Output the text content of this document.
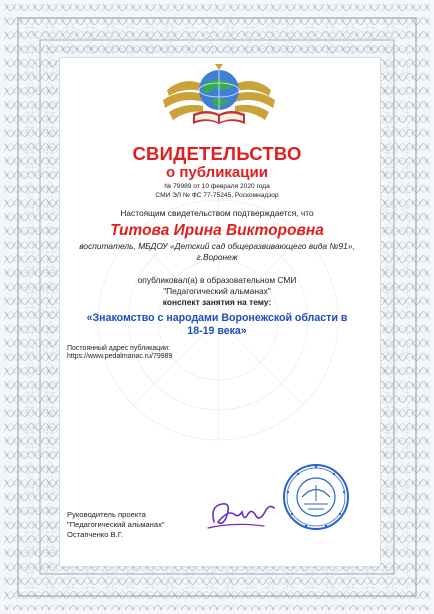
СВИДЕТЕЛЬСТВО
о публикации
№ 79989 от 10 февраля 2020 года
СМИ ЭЛ № ФС 77-75245, Роскомнадзор
Настоящим свидетельством подтверждается, что
Титова Ирина Викторовна
воспитатель, МБДОУ «Детский сад общеразвивающего вида №91»,
г.Воронеж
опубликовал(а) в образовательном СМИ
"Педагогический альманах"
конспект занятия на тему:
«Знакомство с народами Воронежской области в
18-19 века»
Постоянный адрес публикации:
https://www.pedalmanac.ru/79989
Руководитель проекта
"Педагогический альманах"
Остапченко В.Г.
